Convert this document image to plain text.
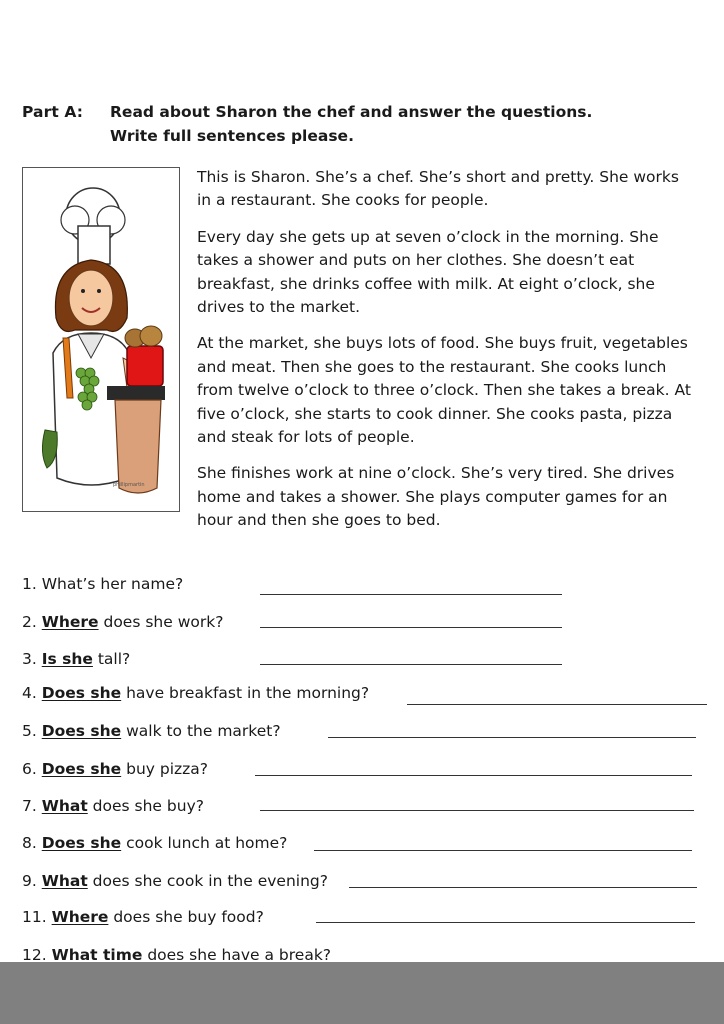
Part A: Read about Sharon the chef and answer the questions.
Write full sentences please.
phillipmartin

This is Sharon. She’s a chef. She’s short and pretty. She works in a restaurant. She cooks for people.

Every day she gets up at seven o’clock in the morning. She takes a shower and puts on her clothes. She doesn’t eat breakfast, she drinks coffee with milk. At eight o’clock, she drives to the market.

At the market, she buys lots of food. She buys fruit, vegetables and meat. Then she goes to the restaurant. She cooks lunch from twelve o’clock to three o’clock. Then she takes a break. At five o’clock, she starts to cook dinner. She cooks pasta, pizza and steak for lots of people.

She finishes work at nine o’clock. She’s very tired. She drives home and takes a shower. She plays computer games for an hour and then she goes to bed.

1. What’s her name?
2. Where does she work?
3. Is she tall?
4. Does she have breakfast in the morning?
5. Does she walk to the market?
6. Does she buy pizza?
7. What does she buy?
8. Does she cook lunch at home?
9. What does she cook in the evening?
11. Where does she buy food?
12. What time does she have a break?
